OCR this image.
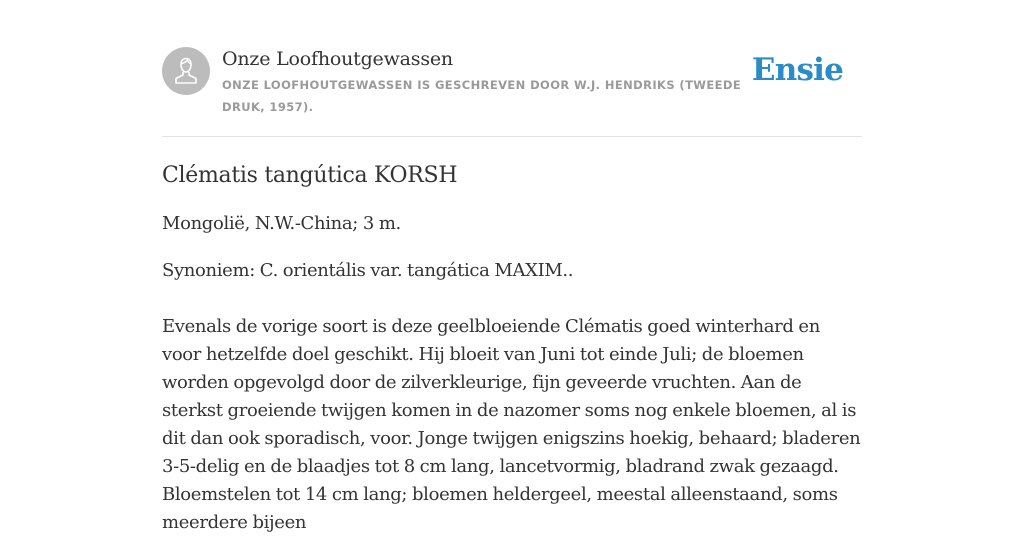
Onze Loofhoutgewassen
ONZE LOOFHOUTGEWASSEN IS GESCHREVEN DOOR W.J. HENDRIKS (TWEEDE DRUK, 1957).
Ensie
Clématis tangútica KORSH

Mongolië, N.W.-China; 3 m.

Synoniem: C. orientális var. tangática MAXIM..

Evenals de vorige soort is deze geelbloeiende Clématis goed winterhard en voor hetzelfde doel geschikt. Hij bloeit van Juni tot einde Juli; de bloemen worden opgevolgd door de zilverkleurige, fijn geveerde vruchten. Aan de sterkst groeiende twijgen komen in de nazomer soms nog enkele bloemen, al is dit dan ook sporadisch, voor. Jonge twijgen enigszins hoekig, behaard; bladeren 3-5-delig en de blaadjes tot 8 cm lang, lancetvormig, bladrand zwak gezaagd. Bloemstelen tot 14 cm lang; bloemen heldergeel, meestal alleenstaand, soms meerdere bijeen
